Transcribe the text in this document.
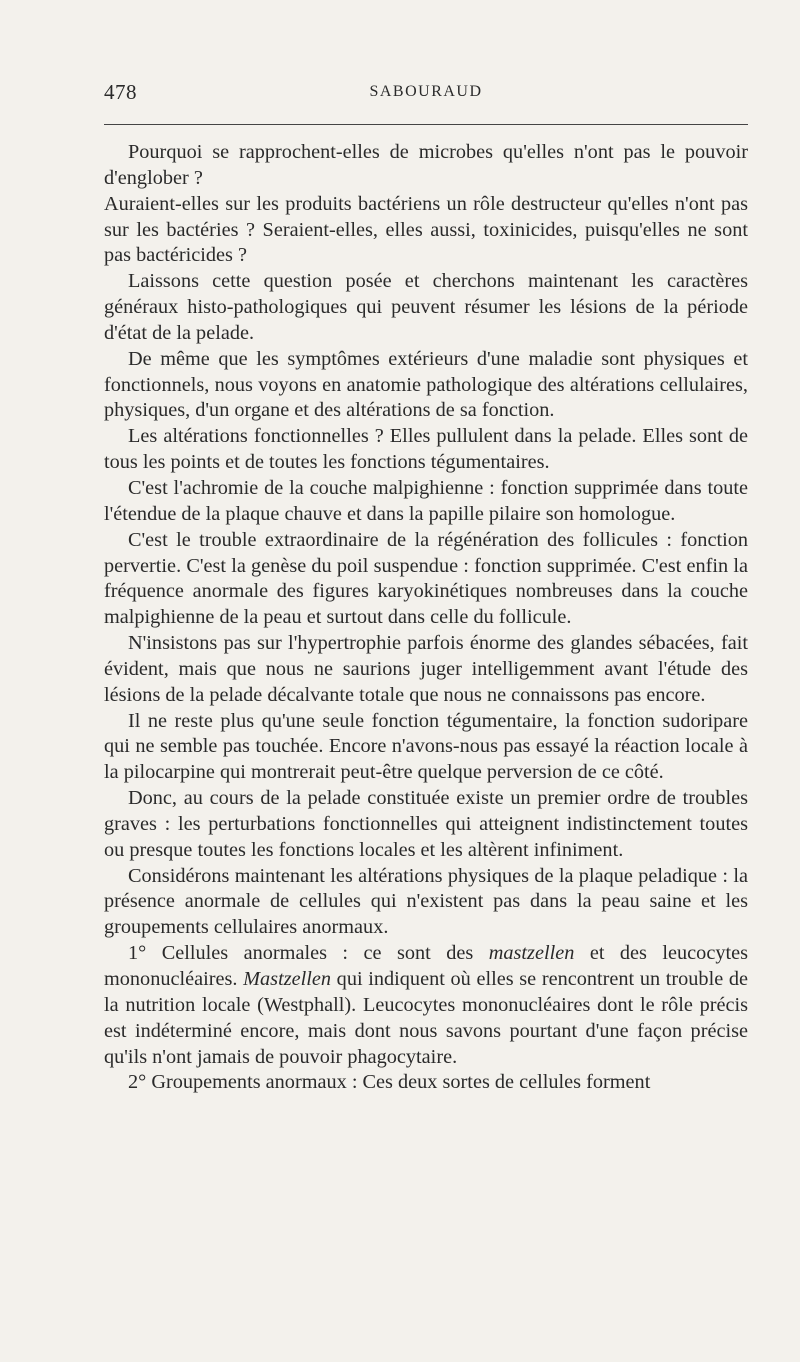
478	SABOURAUD

Pourquoi se rapprochent-elles de microbes qu'elles n'ont pas le pouvoir d'englober ?

Auraient-elles sur les produits bactériens un rôle destructeur qu'elles n'ont pas sur les bactéries ? Seraient-elles, elles aussi, toxinicides, puisqu'elles ne sont pas bactéricides ?

Laissons cette question posée et cherchons maintenant les caractères généraux histo-pathologiques qui peuvent résumer les lésions de la période d'état de la pelade.

De même que les symptômes extérieurs d'une maladie sont physiques et fonctionnels, nous voyons en anatomie pathologique des altérations cellulaires, physiques, d'un organe et des altérations de sa fonction.

Les altérations fonctionnelles ? Elles pullulent dans la pelade. Elles sont de tous les points et de toutes les fonctions tégumentaires.

C'est l'achromie de la couche malpighienne : fonction supprimée dans toute l'étendue de la plaque chauve et dans la papille pilaire son homologue.

C'est le trouble extraordinaire de la régénération des follicules : fonction pervertie. C'est la genèse du poil suspendue : fonction supprimée. C'est enfin la fréquence anormale des figures karyokinétiques nombreuses dans la couche malpighienne de la peau et surtout dans celle du follicule.

N'insistons pas sur l'hypertrophie parfois énorme des glandes sébacées, fait évident, mais que nous ne saurions juger intelligemment avant l'étude des lésions de la pelade décalvante totale que nous ne connaissons pas encore.

Il ne reste plus qu'une seule fonction tégumentaire, la fonction sudoripare qui ne semble pas touchée. Encore n'avons-nous pas essayé la réaction locale à la pilocarpine qui montrerait peut-être quelque perversion de ce côté.

Donc, au cours de la pelade constituée existe un premier ordre de troubles graves : les perturbations fonctionnelles qui atteignent indistinctement toutes ou presque toutes les fonctions locales et les altèrent infiniment.

Considérons maintenant les altérations physiques de la plaque peladique : la présence anormale de cellules qui n'existent pas dans la peau saine et les groupements cellulaires anormaux.

1° Cellules anormales : ce sont des mastzellen et des leucocytes mononucléaires. Mastzellen qui indiquent où elles se rencontrent un trouble de la nutrition locale (Westphall). Leucocytes mononucléaires dont le rôle précis est indéterminé encore, mais dont nous savons pourtant d'une façon précise qu'ils n'ont jamais de pouvoir phagocytaire.

2° Groupements anormaux : Ces deux sortes de cellules forment
